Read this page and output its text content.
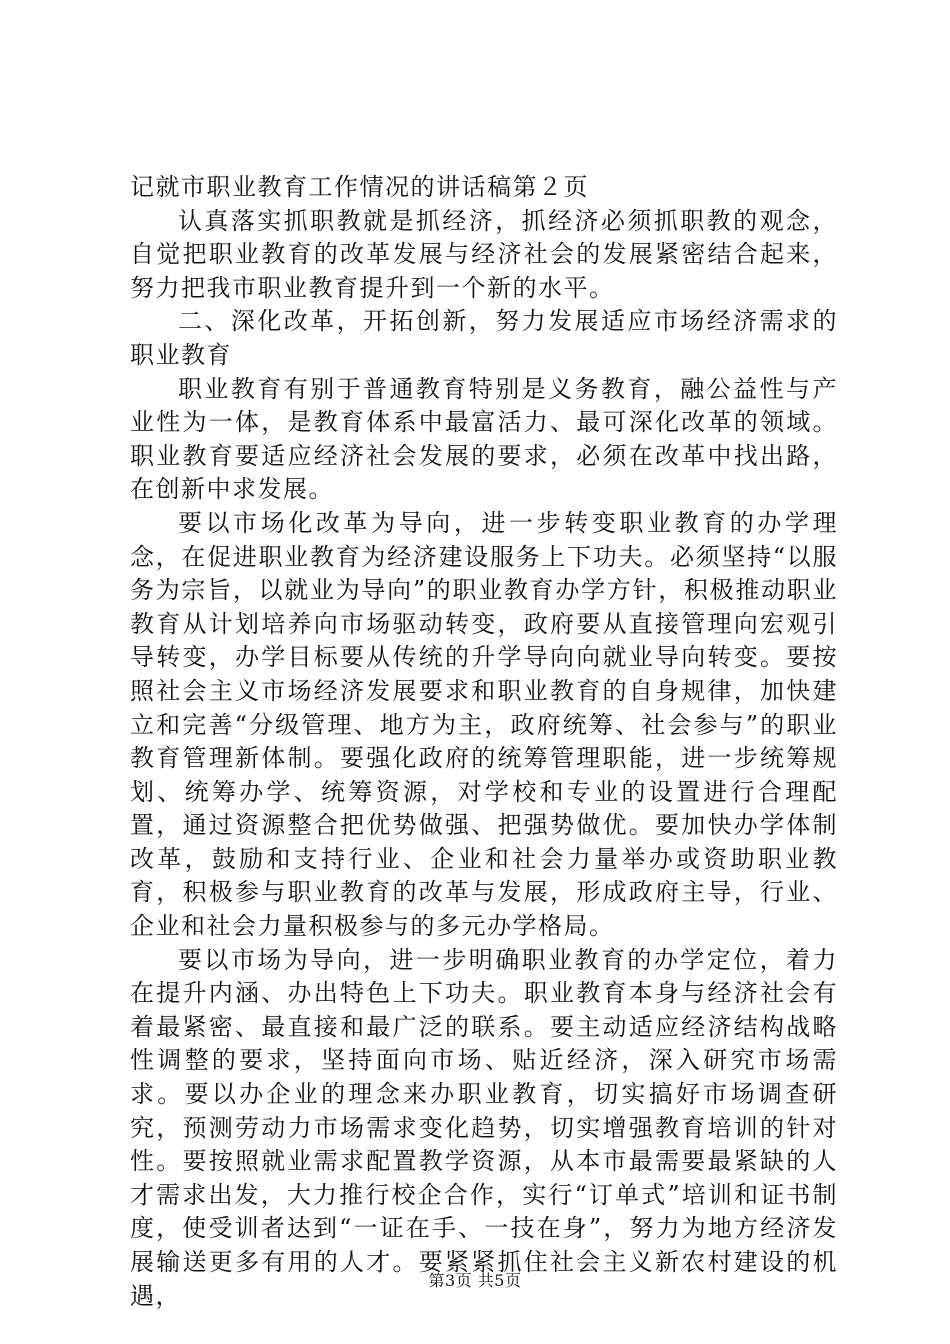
记就市职业教育工作情况的讲话稿第２页

认真落实抓职教就是抓经济，抓经济必须抓职教的观念，自觉把职业教育的改革发展与经济社会的发展紧密结合起来，努力把我市职业教育提升到一个新的水平。

二、深化改革，开拓创新，努力发展适应市场经济需求的职业教育

职业教育有别于普通教育特别是义务教育，融公益性与产业性为一体，是教育体系中最富活力、最可深化改革的领域。职业教育要适应经济社会发展的要求，必须在改革中找出路，在创新中求发展。

要以市场化改革为导向，进一步转变职业教育的办学理念，在促进职业教育为经济建设服务上下功夫。必须坚持“以服务为宗旨，以就业为导向”的职业教育办学方针，积极推动职业教育从计划培养向市场驱动转变，政府要从直接管理向宏观引导转变，办学目标要从传统的升学导向向就业导向转变。要按照社会主义市场经济发展要求和职业教育的自身规律，加快建立和完善“分级管理、地方为主，政府统筹、社会参与”的职业教育管理新体制。要强化政府的统筹管理职能，进一步统筹规划、统筹办学、统筹资源，对学校和专业的设置进行合理配置，通过资源整合把优势做强、把强势做优。要加快办学体制改革，鼓励和支持行业、企业和社会力量举办或资助职业教育，积极参与职业教育的改革与发展，形成政府主导，行业、企业和社会力量积极参与的多元办学格局。

要以市场为导向，进一步明确职业教育的办学定位，着力在提升内涵、办出特色上下功夫。职业教育本身与经济社会有着最紧密、最直接和最广泛的联系。要主动适应经济结构战略性调整的要求，坚持面向市场、贴近经济，深入研究市场需求。要以办企业的理念来办职业教育，切实搞好市场调查研究，预测劳动力市场需求变化趋势，切实增强教育培训的针对性。要按照就业需求配置教学资源，从本市最需要最紧缺的人才需求出发，大力推行校企合作，实行“订单式”培训和证书制度，使受训者达到“一证在手、一技在身”，努力为地方经济发展输送更多有用的人才。要紧紧抓住社会主义新农村建设的机遇，

第3页 共5页
